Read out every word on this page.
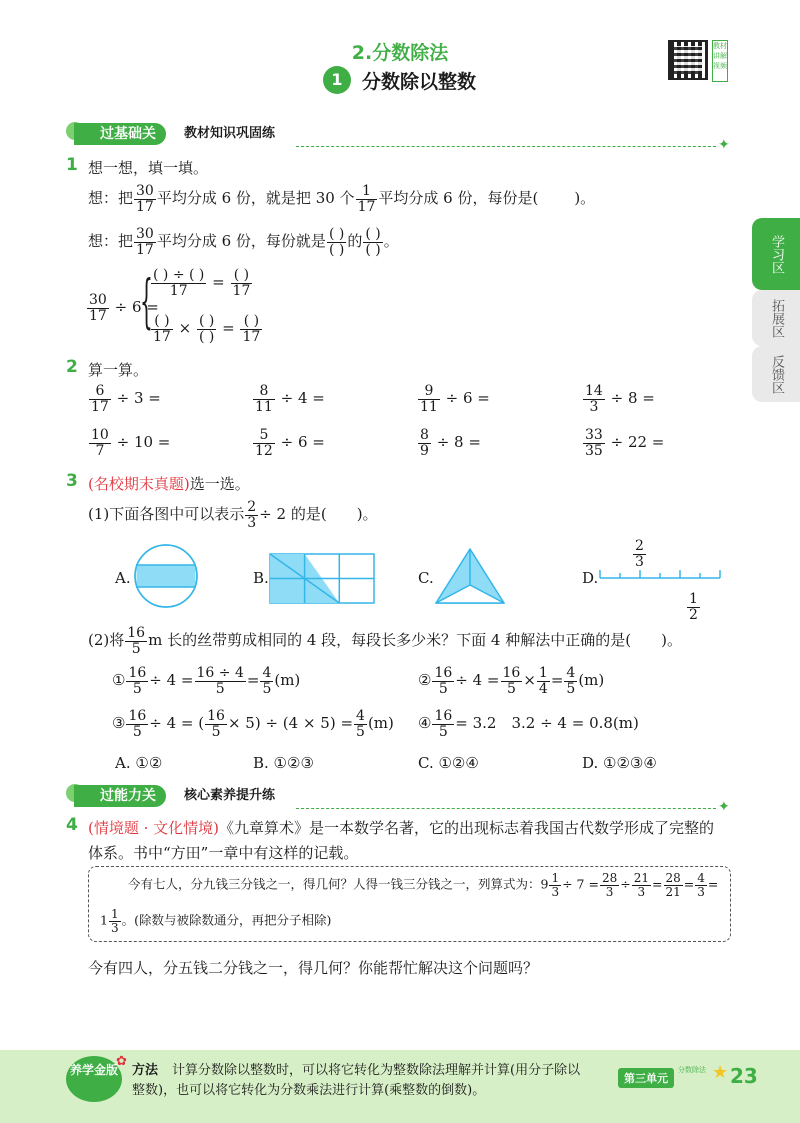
2.分数除法
1	分数除以整数
教材讲解视频
学习区
拓展区
反馈区
过基础关	教材知识巩固练
✦
1 想一想，填一填。
想：把 $\frac{30}{17}$ 平均分成 6 份，就是把 30 个 $\frac{1}{17}$ 平均分成 6 份，每份是( )。
想：把 $\frac{30}{17}$ 平均分成 6 份，每份就是 $\frac{( )}{( )}$ 的 $\frac{( )}{( )}$ 。
$\frac{30}{17} \div 6$ =
{
$\frac{( ) \div ( )}{17} = \frac{( )}{17}$
$\frac{( )}{17} \times \frac{( )}{( )} = \frac{( )}{17}$
2 算一算。
$\frac{6}{17} \div 3$ =	$\frac{8}{11} \div 4$ =	$\frac{9}{11} \div 6$ =	$\frac{14}{3} \div 8$ =
$\frac{10}{7} \div 10$ =	$\frac{5}{12} \div 6$ =	$\frac{8}{9} \div 8$ =	$\frac{33}{35} \div 22$ =
3 (名校期末真题)选一选。
(1)下面各图中可以表示 $\frac{2}{3} \div 2$ 的是( )。
A.	B.	C.	D.
$\frac{2}{3}$
$\frac{1}{2}$
(2)将 $\frac{16}{5}$ m 长的丝带剪成相同的 4 段，每段长多少米？下面 4 种解法中正确的是( )。
① $\frac{16}{5} \div 4 = \frac{16 \div 4}{5} = \frac{4}{5} (m)$	② $\frac{16}{5} \div 4 = \frac{16}{5} \times \frac{1}{4} = \frac{4}{5} (m)$
③ $\frac{16}{5} \div 4$ = ( $\frac{16}{5} \times 5) \div (4 \times 5) = \frac{4}{5} (m)$ ④ $\frac{16}{5} = 3.2$　3.2 ÷ 4 = 0.8(m)
A. ①②	B. ①②③	C. ①②④	D. ①②③④
过能力关	核心素养提升练
✦
4 (情境题 · 文化情境)《九章算术》是一本数学名著，它的出现标志着我国古代数学形成了完整的
体系。书中“方田”一章中有这样的记载。
今有七人，分九钱三分钱之一，得几何？人得一钱三分钱之一，列算式为：$9 \frac{1}{3} \div 7 = \frac{28}{3} \div \frac{21}{3} = \frac{28}{21} = \frac{4}{3}$ =
$1 \frac{1}{3}$ 。(除数与被除数通分，再把分子相除)
今有四人，分五钱二分钱之一，得几何？你能帮忙解决这个问题吗？
养学金版
✿
方法 计算分数除以整数时，可以将它转化为整数除法理解并计算(用分子除以
整数)，也可以将它转化为分数乘法进行计算(乘整数的倒数)。
第三单元
分数除法 ★ 23
